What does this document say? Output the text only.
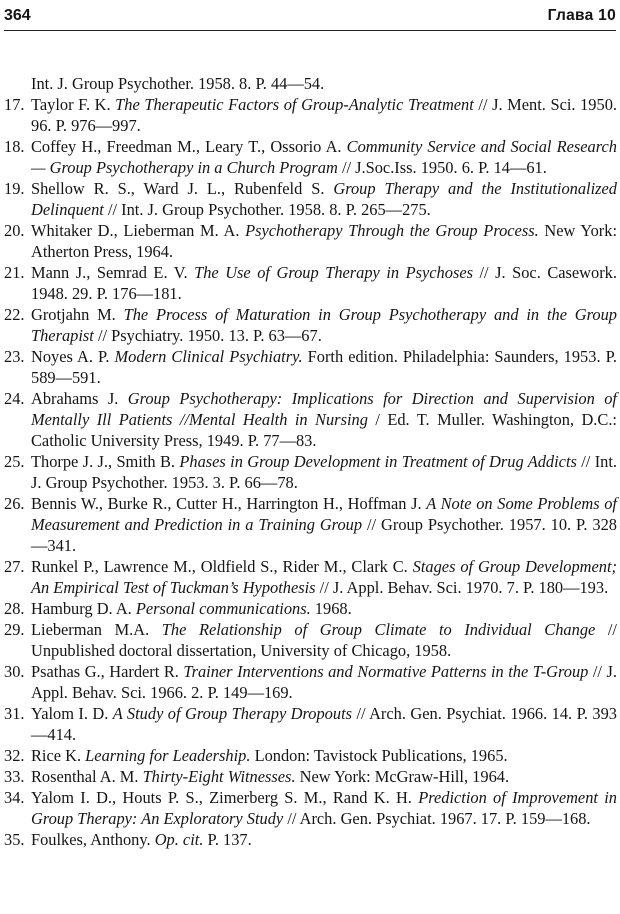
364	Глава 10
Int. J. Group Psychother. 1958. 8. P. 44—54.
17. Taylor F. K. The Therapeutic Factors of Group-Analytic Treatment // J. Ment. Sci. 1950. 96. P. 976—997.
18. Coffey H., Freedman M., Leary T., Ossorio A. Community Service and Social Research— Group Psychotherapy in a Church Program // J.Soc.Iss. 1950. 6. P. 14—61.
19. Shellow R. S., Ward J. L., Rubenfeld S. Group Therapy and the Institutionalized Delinquent // Int. J. Group Psychother. 1958. 8. P. 265—275.
20. Whitaker D., Lieberman M. A. Psychotherapy Through the Group Process. New York: Atherton Press, 1964.
21. Mann J., Semrad E. V. The Use of Group Therapy in Psychoses // J. Soc. Casework. 1948. 29. P. 176—181.
22. Grotjahn M. The Process of Maturation in Group Psychotherapy and in the Group Therapist // Psychiatry. 1950. 13. P. 63—67.
23. Noyes A. P. Modern Clinical Psychiatry. Forth edition. Philadelphia: Saunders, 1953. P. 589—591.
24. Abrahams J. Group Psychotherapy: Implications for Direction and Supervision of Mentally Ill Patients //Mental Health in Nursing / Ed. T. Muller. Washington, D.C.: Catholic University Press, 1949. P. 77—83.
25. Thorpe J. J., Smith B. Phases in Group Development in Treatment of Drug Addicts // Int. J. Group Psychother. 1953. 3. P. 66—78.
26. Bennis W., Burke R., Cutter H., Harrington H., Hoffman J. A Note on Some Problems of Measurement and Prediction in a Training Group // Group Psychother. 1957. 10. P. 328—341.
27. Runkel P., Lawrence M., Oldfield S., Rider M., Clark C. Stages of Group Development; An Empirical Test of Tuckman’s Hypothesis // J. Appl. Behav. Sci. 1970. 7. P. 180—193.
28. Hamburg D. A. Personal communications. 1968.
29. Lieberman M.A. The Relationship of Group Climate to Individual Change // Unpublished doctoral dissertation, University of Chicago, 1958.
30. Psathas G., Hardert R. Trainer Interventions and Normative Patterns in the T-Group // J. Appl. Behav. Sci. 1966. 2. P. 149—169.
31. Yalom I. D. A Study of Group Therapy Dropouts // Arch. Gen. Psychiat. 1966. 14. P. 393—414.
32. Rice K. Learning for Leadership. London: Tavistock Publications, 1965.
33. Rosenthal A. M. Thirty-Eight Witnesses. New York: McGraw-Hill, 1964.
34. Yalom I. D., Houts P. S., Zimerberg S. M., Rand K. H. Prediction of Improvement in Group Therapy: An Exploratory Study // Arch. Gen. Psychiat. 1967. 17. P. 159—168.
35. Foulkes, Anthony. Op. cit. P. 137.
